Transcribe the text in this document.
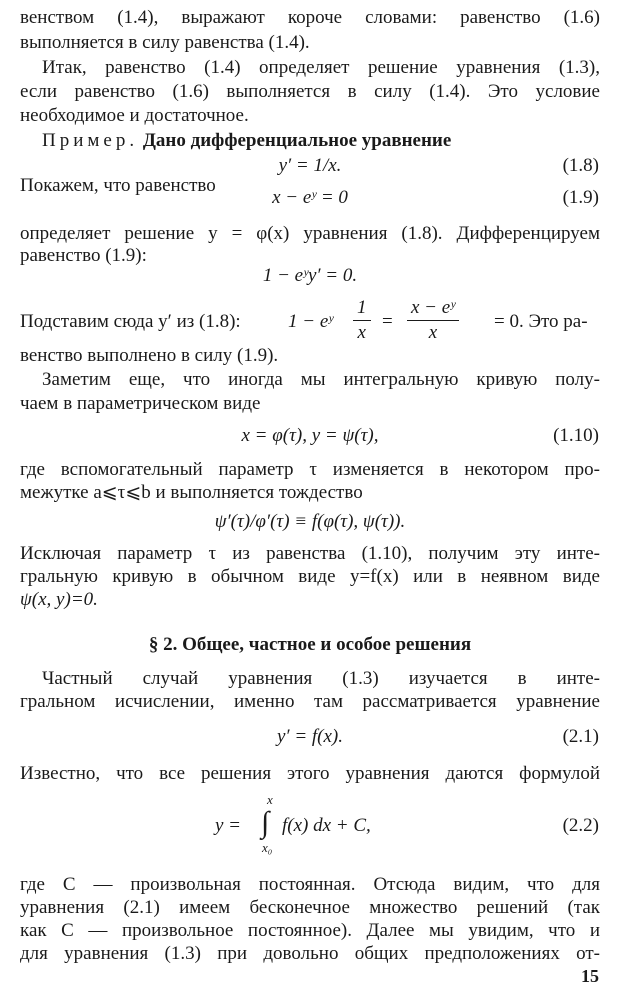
венством (1.4), выражают короче словами: равенство (1.6)
выполняется в силу равенства (1.4).
Итак, равенство (1.4) определяет решение уравнения (1.3),
если равенство (1.6) выполняется в силу (1.4). Это условие
необходимое и достаточное.
Пример. Дано дифференциальное уравнение
y′ = 1/x.	(1.8)
Покажем, что равенство
x − eʸ = 0	(1.9)
определяет решение y = φ(x) уравнения (1.8). Дифференцируем
равенство (1.9):
1 − eʸy′ = 0.
Подставим сюда y′ из (1.8): 1 − eʸ $\frac{1}{x} = \frac{\text{x − eʸ}}{x} = 0$. Это ра-
венство выполнено в силу (1.9).
Заметим еще, что иногда мы интегральную кривую полу-
чаем в параметрическом виде
x = φ(τ), y = ψ(τ),	(1.10)
где вспомогательный параметр τ изменяется в некотором про-
межутке a⩽τ⩽b и выполняется тождество
ψ′(τ)/φ′(τ) ≡ f(φ(τ), ψ(τ)).
Исключая параметр τ из равенства (1.10), получим эту инте-
гральную кривую в обычном виде y=f(x) или в неявном виде
ψ(x, y)=0.
§ 2. Общее, частное и особое решения
Частный случай уравнения (1.3) изучается в инте-
гральном исчислении, именно там рассматривается уравнение
y′ = f(x).	(2.1)
Известно, что все решения этого уравнения даются формулой
y =
x
∫
x₀
f(x) dx + C,	(2.2)
где C — произвольная постоянная. Отсюда видим, что для
уравнения (2.1) имеем бесконечное множество решений (так
как C — произвольное постоянное). Далее мы увидим, что и
для уравнения (1.3) при довольно общих предположениях от-
15
